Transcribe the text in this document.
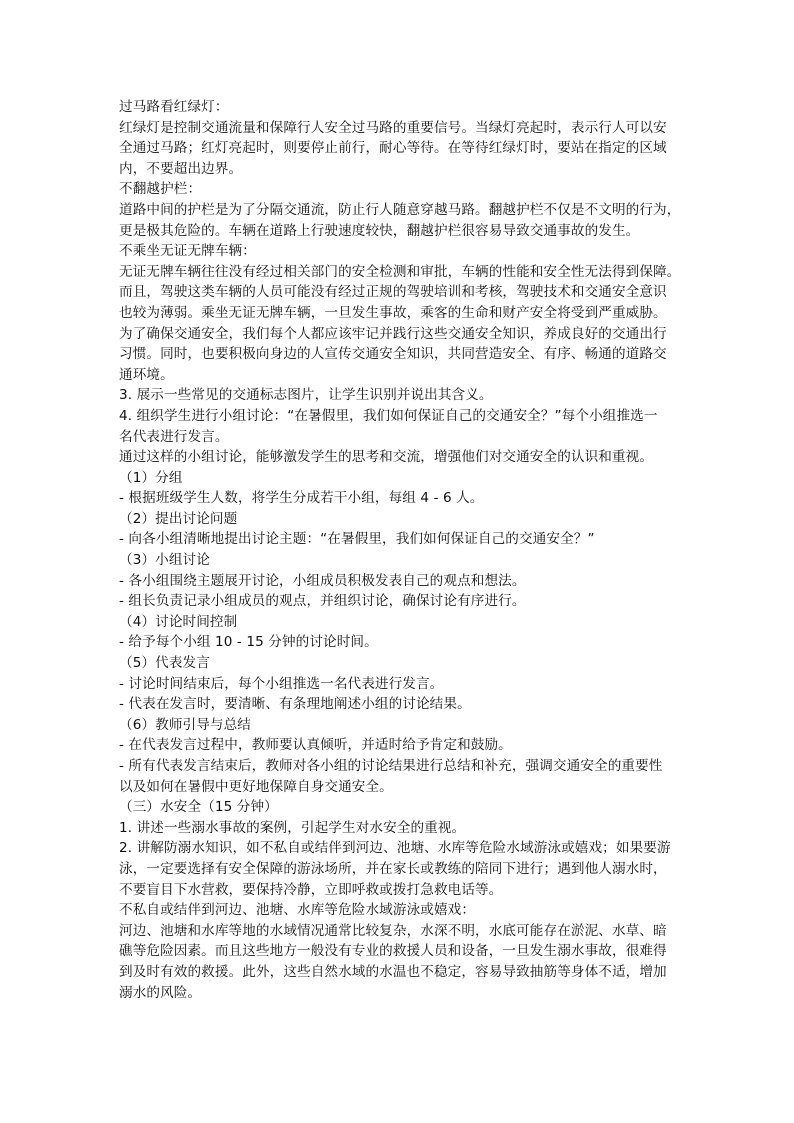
过马路看红绿灯：
红绿灯是控制交通流量和保障行人安全过马路的重要信号。当绿灯亮起时，表示行人可以安
全通过马路；红灯亮起时，则要停止前行，耐心等待。在等待红绿灯时，要站在指定的区域
内，不要超出边界。
不翻越护栏：
道路中间的护栏是为了分隔交通流，防止行人随意穿越马路。翻越护栏不仅是不文明的行为，
更是极其危险的。车辆在道路上行驶速度较快，翻越护栏很容易导致交通事故的发生。
不乘坐无证无牌车辆：
无证无牌车辆往往没有经过相关部门的安全检测和审批，车辆的性能和安全性无法得到保障。
而且，驾驶这类车辆的人员可能没有经过正规的驾驶培训和考核，驾驶技术和交通安全意识
也较为薄弱。乘坐无证无牌车辆，一旦发生事故，乘客的生命和财产安全将受到严重威胁。
为了确保交通安全，我们每个人都应该牢记并践行这些交通安全知识，养成良好的交通出行
习惯。同时，也要积极向身边的人宣传交通安全知识，共同营造安全、有序、畅通的道路交
通环境。
3. 展示一些常见的交通标志图片，让学生识别并说出其含义。
4. 组织学生进行小组讨论：“在暑假里，我们如何保证自己的交通安全？”每个小组推选一
名代表进行发言。
通过这样的小组讨论，能够激发学生的思考和交流，增强他们对交通安全的认识和重视。
（1）分组
- 根据班级学生人数，将学生分成若干小组，每组 4 - 6 人。
（2）提出讨论问题
- 向各小组清晰地提出讨论主题：“在暑假里，我们如何保证自己的交通安全？”
（3）小组讨论
- 各小组围绕主题展开讨论，小组成员积极发表自己的观点和想法。
- 组长负责记录小组成员的观点，并组织讨论，确保讨论有序进行。
（4）讨论时间控制
- 给予每个小组 10 - 15 分钟的讨论时间。
（5）代表发言
- 讨论时间结束后，每个小组推选一名代表进行发言。
- 代表在发言时，要清晰、有条理地阐述小组的讨论结果。
（6）教师引导与总结
- 在代表发言过程中，教师要认真倾听，并适时给予肯定和鼓励。
- 所有代表发言结束后，教师对各小组的讨论结果进行总结和补充，强调交通安全的重要性
以及如何在暑假中更好地保障自身交通安全。
（三）水安全（15 分钟）
1. 讲述一些溺水事故的案例，引起学生对水安全的重视。
2. 讲解防溺水知识，如不私自或结伴到河边、池塘、水库等危险水域游泳或嬉戏；如果要游
泳，一定要选择有安全保障的游泳场所，并在家长或教练的陪同下进行；遇到他人溺水时，
不要盲目下水营救，要保持冷静，立即呼救或拨打急救电话等。
不私自或结伴到河边、池塘、水库等危险水域游泳或嬉戏：
河边、池塘和水库等地的水域情况通常比较复杂，水深不明，水底可能存在淤泥、水草、暗
礁等危险因素。而且这些地方一般没有专业的救援人员和设备，一旦发生溺水事故，很难得
到及时有效的救援。此外，这些自然水域的水温也不稳定，容易导致抽筋等身体不适，增加
溺水的风险。
